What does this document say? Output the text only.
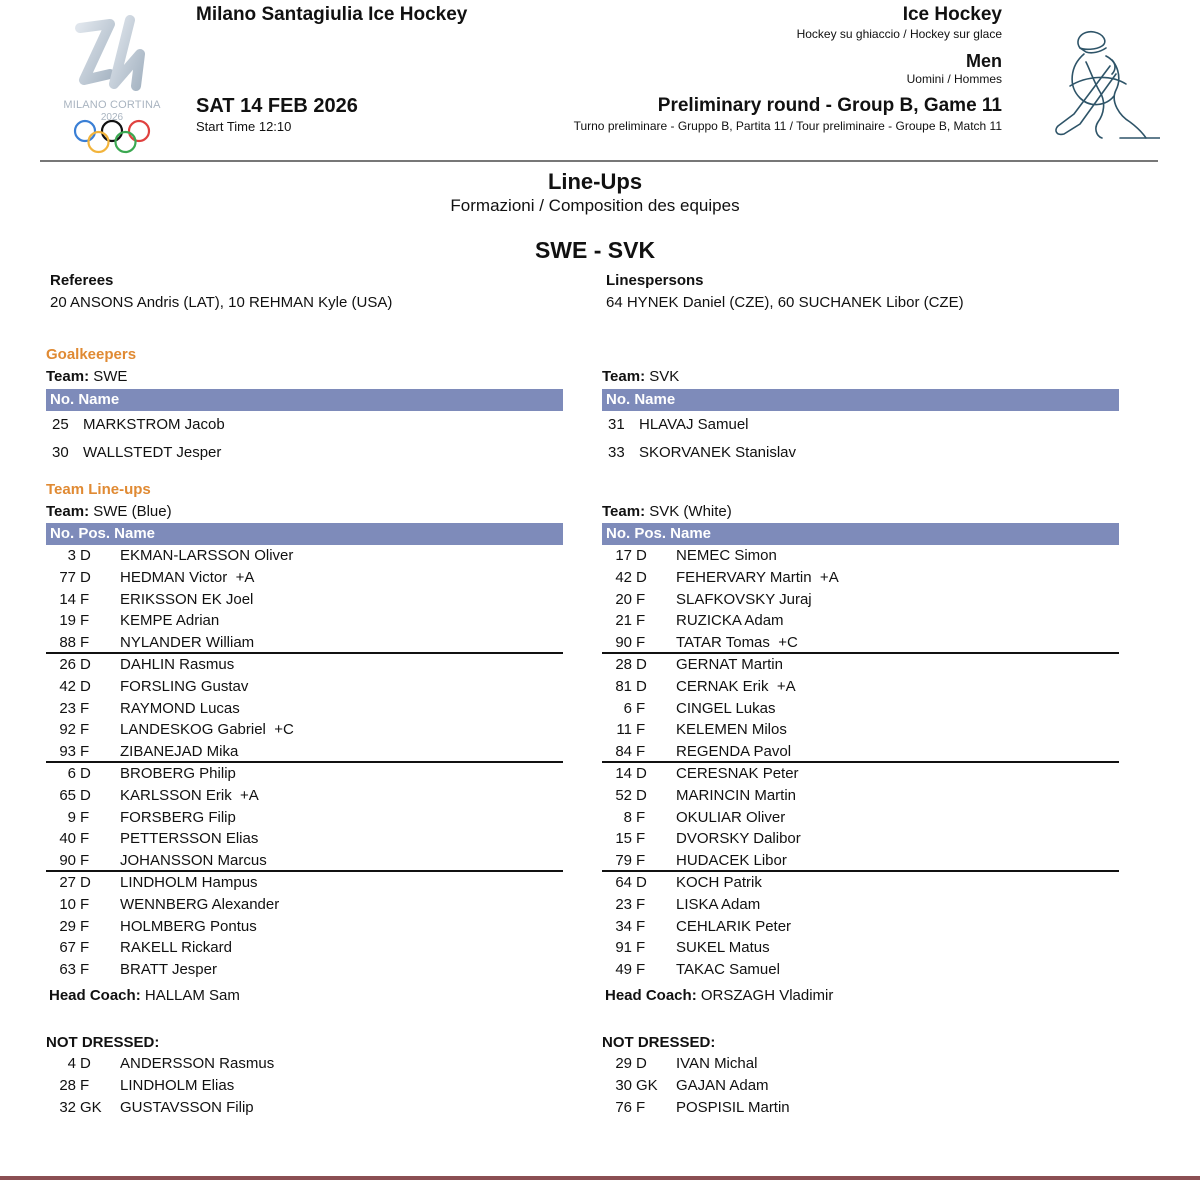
MILANO CORTINA
2026
Milano Santagiulia Ice Hockey
SAT 14 FEB 2026
Start Time 12:10
Ice Hockey
Hockey su ghiaccio / Hockey sur glace
Men
Uomini / Hommes
Preliminary round - Group B, Game 11
Turno preliminare - Gruppo B, Partita 11 / Tour preliminaire - Groupe B, Match 11
Line-Ups
Formazioni / Composition des equipes
SWE - SVK
Referees
20 ANSONS Andris (LAT), 10 REHMAN Kyle (USA)
Linespersons
64 HYNEK Daniel (CZE), 60 SUCHANEK Libor (CZE)
Goalkeepers
Team: SWE
No. Name
25 MARKSTROM Jacob
30 WALLSTEDT Jesper
Team: SVK
No. Name
31 HLAVAJ Samuel
33 SKORVANEK Stanislav
Team Line-ups
Team: SWE (Blue)
No. Pos. Name
3 D EKMAN-LARSSON Oliver
77 D HEDMAN Victor  +A
14 F ERIKSSON EK Joel
19 F KEMPE Adrian
88 F NYLANDER William
26 D DAHLIN Rasmus
42 D FORSLING Gustav
23 F RAYMOND Lucas
92 F LANDESKOG Gabriel  +C
93 F ZIBANEJAD Mika
6 D BROBERG Philip
65 D KARLSSON Erik  +A
9 F FORSBERG Filip
40 F PETTERSSON Elias
90 F JOHANSSON Marcus
27 D LINDHOLM Hampus
10 F WENNBERG Alexander
29 F HOLMBERG Pontus
67 F RAKELL Rickard
63 F BRATT Jesper
Head Coach: HALLAM Sam
NOT DRESSED:
4 D ANDERSSON Rasmus
28 F LINDHOLM Elias
32 GK GUSTAVSSON Filip
Team: SVK (White)
No. Pos. Name
17 D NEMEC Simon
42 D FEHERVARY Martin  +A
20 F SLAFKOVSKY Juraj
21 F RUZICKA Adam
90 F TATAR Tomas  +C
28 D GERNAT Martin
81 D CERNAK Erik  +A
6 F CINGEL Lukas
11 F KELEMEN Milos
84 F REGENDA Pavol
14 D CERESNAK Peter
52 D MARINCIN Martin
8 F OKULIAR Oliver
15 F DVORSKY Dalibor
79 F HUDACEK Libor
64 D KOCH Patrik
23 F LISKA Adam
34 F CEHLARIK Peter
91 F SUKEL Matus
49 F TAKAC Samuel
Head Coach: ORSZAGH Vladimir
NOT DRESSED:
29 D IVAN Michal
30 GK GAJAN Adam
76 F POSPISIL Martin
